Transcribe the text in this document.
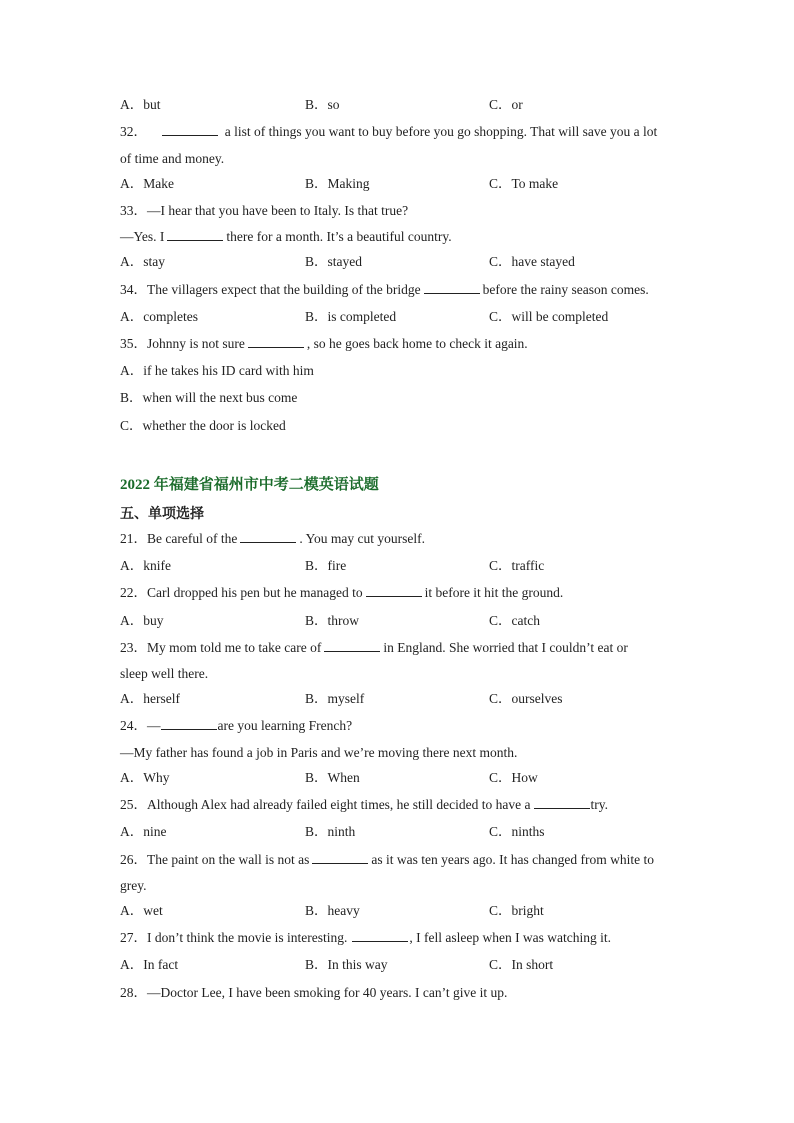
A．but	B．so	C．or
32．	a list of things you want to buy before you go shopping. That will save you a lot
of time and money.
A．Make	B．Making	C．To make
33．—I hear that you have been to Italy. Is that true?
—Yes. I	there for a month. It’s a beautiful country.
A．stay	B．stayed	C．have stayed
34．The villagers expect that the building of the bridge	before the rainy season comes.
A．completes	B．is completed	C．will be completed
35．Johnny is not sure	, so he goes back home to check it again.
A．if he takes his ID card with him
B．when will the next bus come
C．whether the door is locked
2022 年福建省福州市中考二模英语试题
五、单项选择
21．Be careful of the	. You may cut yourself.
A．knife	B．fire	C．traffic
22．Carl dropped his pen but he managed to	it before it hit the ground.
A．buy	B．throw	C．catch
23．My mom told me to take care of	in England. She worried that I couldn’t eat or
sleep well there.
A．herself	B．myself	C．ourselves
24．—	are you learning French?
—My father has found a job in Paris and we’re moving there next month.
A．Why	B．When	C．How
25．Although Alex had already failed eight times, he still decided to have a	try.
A．nine	B．ninth	C．ninths
26．The paint on the wall is not as	as it was ten years ago. It has changed from white to
grey.
A．wet	B．heavy	C．bright
27．I don’t think the movie is interesting.	, I fell asleep when I was watching it.
A．In fact	B．In this way	C．In short
28．—Doctor Lee, I have been smoking for 40 years. I can’t give it up.
